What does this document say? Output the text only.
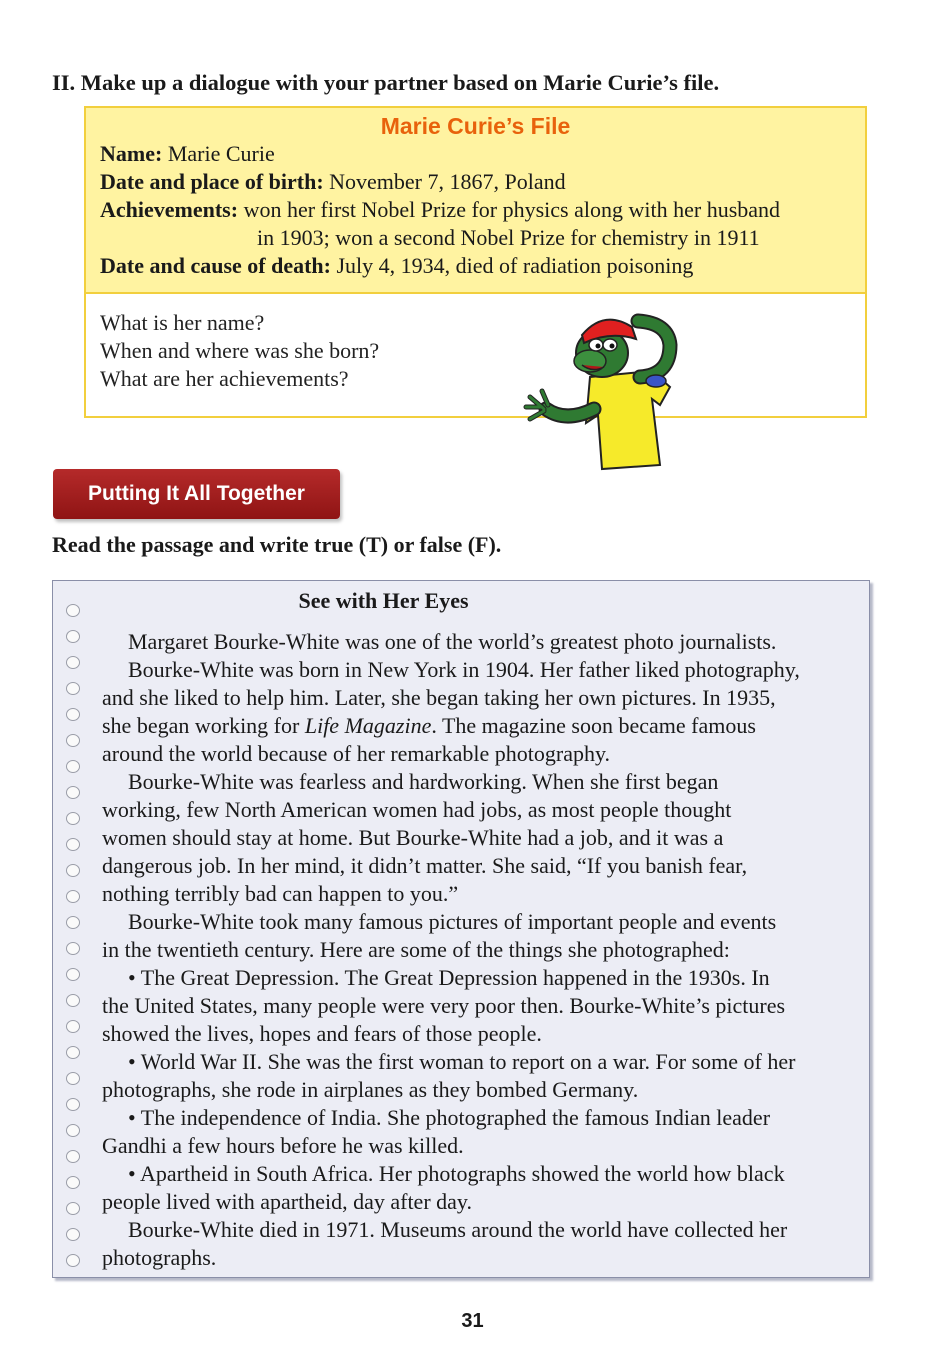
II. Make up a dialogue with your partner based on Marie Curie’s file.
Marie Curie’s File
Name: Marie Curie
Date and place of birth: November 7, 1867, Poland
Achievements: won her first Nobel Prize for physics along with her husband
in 1903; won a second Nobel Prize for chemistry in 1911
Date and cause of death: July 4, 1934, died of radiation poisoning
What is her name?
When and where was she born?
What are her achievements?
Putting It All Together
Read the passage and write true (T) or false (F).
See with Her Eyes
Margaret Bourke-White was one of the world’s greatest photo journalists.
Bourke-White was born in New York in 1904. Her father liked photography,
and she liked to help him. Later, she began taking her own pictures. In 1935,
she began working for Life Magazine. The magazine soon became famous
around the world because of her remarkable photography.
Bourke-White was fearless and hardworking. When she first began
working, few North American women had jobs, as most people thought
women should stay at home. But Bourke-White had a job, and it was a
dangerous job. In her mind, it didn’t matter. She said, “If you banish fear,
nothing terribly bad can happen to you.”
Bourke-White took many famous pictures of important people and events
in the twentieth century. Here are some of the things she photographed:
• The Great Depression. The Great Depression happened in the 1930s. In
the United States, many people were very poor then. Bourke-White’s pictures
showed the lives, hopes and fears of those people.
• World War II. She was the first woman to report on a war. For some of her
photographs, she rode in airplanes as they bombed Germany.
• The independence of India. She photographed the famous Indian leader
Gandhi a few hours before he was killed.
• Apartheid in South Africa. Her photographs showed the world how black
people lived with apartheid, day after day.
Bourke-White died in 1971. Museums around the world have collected her
photographs.
31
